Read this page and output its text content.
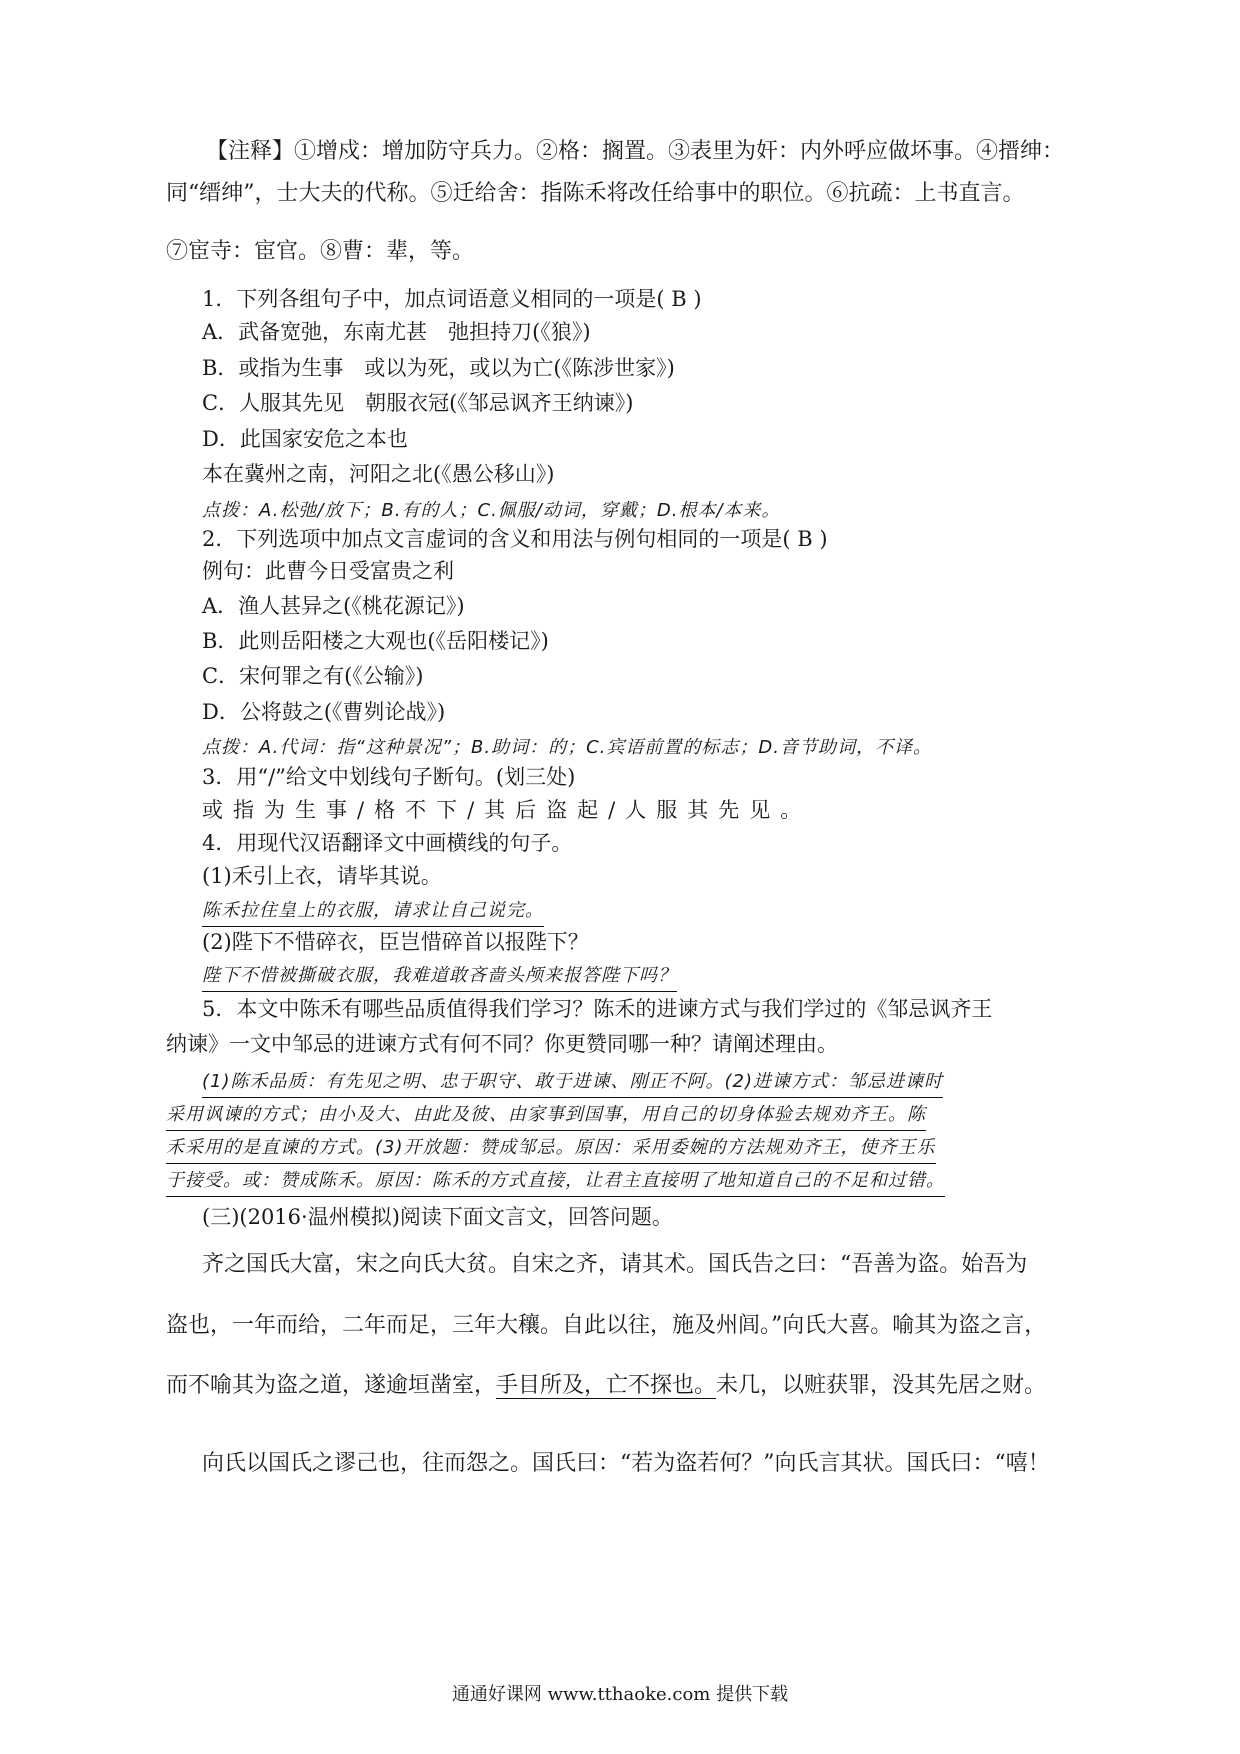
【注释】①增戍：增加防守兵力。②格：搁置。③表里为奸：内外呼应做坏事。④搢绅：
同“缙绅”，士大夫的代称。⑤迁给舍：指陈禾将改任给事中的职位。⑥抗疏：上书直言。
⑦宦寺：宦官。⑧曹：辈，等。
1．下列各组句子中，加点词语意义相同的一项是( B )
A．武备宽弛，东南尤甚　弛担持刀(《狼》)
B．或指为生事　或以为死，或以为亡(《陈涉世家》)
C．人服其先见　朝服衣冠(《邹忌讽齐王纳谏》)
D．此国家安危之本也
本在冀州之南，河阳之北(《愚公移山》)
点拨：A.松弛/放下；B.有的人；C.佩服/动词，穿戴；D.根本/本来。
2．下列选项中加点文言虚词的含义和用法与例句相同的一项是( B )
例句：此曹今日受富贵之利
A．渔人甚异之(《桃花源记》)
B．此则岳阳楼之大观也(《岳阳楼记》)
C．宋何罪之有(《公输》)
D．公将鼓之(《曹刿论战》)
点拨：A.代词：指“这种景况”；B.助词：的；C.宾语前置的标志；D.音节助词，不译。
3．用“/”给文中划线句子断句。(划三处)
或指为生事/格不下/其后盗起/人服其先见。
4．用现代汉语翻译文中画横线的句子。
(1)禾引上衣，请毕其说。
陈禾拉住皇上的衣服，请求让自己说完。
(2)陛下不惜碎衣，臣岂惜碎首以报陛下？
陛下不惜被撕破衣服，我难道敢吝啬头颅来报答陛下吗？
5．本文中陈禾有哪些品质值得我们学习？陈禾的进谏方式与我们学过的《邹忌讽齐王
纳谏》一文中邹忌的进谏方式有何不同？你更赞同哪一种？请阐述理由。
(1)陈禾品质：有先见之明、忠于职守、敢于进谏、刚正不阿。(2)进谏方式：邹忌进谏时
采用讽谏的方式；由小及大、由此及彼、由家事到国事，用自己的切身体验去规劝齐王。陈
禾采用的是直谏的方式。(3)开放题：赞成邹忌。原因：采用委婉的方法规劝齐王，使齐王乐
于接受。或：赞成陈禾。原因：陈禾的方式直接，让君主直接明了地知道自己的不足和过错。
(三)(2016·温州模拟)阅读下面文言文，回答问题。
齐之国氏大富，宋之向氏大贫。自宋之齐，请其术。国氏告之曰：“吾善为盗。始吾为
盗也，一年而给，二年而足，三年大穰。自此以往，施及州闾。”向氏大喜。喻其为盗之言，
而不喻其为盗之道，遂逾垣凿室，手目所及，亡不探也。未几，以赃获罪，没其先居之财。
向氏以国氏之谬己也，往而怨之。国氏曰：“若为盗若何？”向氏言其状。国氏曰：“嘻！
通通好课网 www.tthaoke.com 提供下载
